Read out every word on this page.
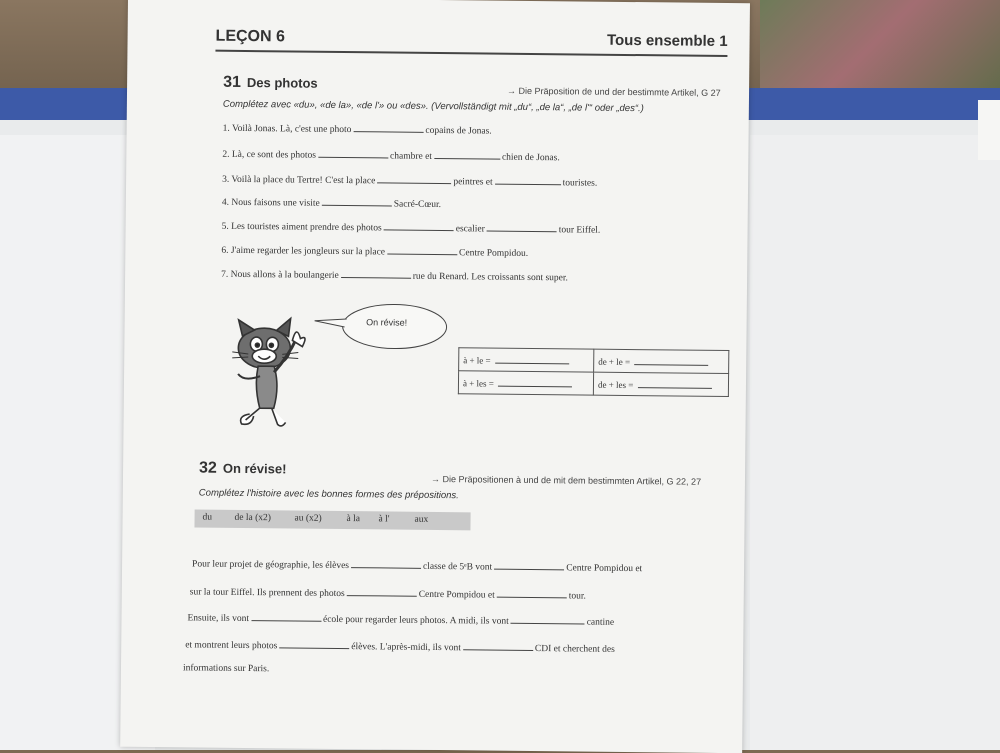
LEÇON 6	Tous ensemble 1
31 Des photos
→ Die Präposition de und der bestimmte Artikel, G 27
Complétez avec «du», «de la», «de l'» ou «des». (Vervollständigt mit „du“, „de la“, „de l'“ oder „des“.)
1. Voilà Jonas. Là, c'est une photo	copains de Jonas.
2. Là, ce sont des photos	chambre et	chien de Jonas.
3. Voilà la place du Tertre! C'est la place	peintres et	touristes.
4. Nous faisons une visite	Sacré-Cœur.
5. Les touristes aiment prendre des photos	escalier	tour Eiffel.
6. J'aime regarder les jongleurs sur la place	Centre Pompidou.
7. Nous allons à la boulangerie	rue du Renard. Les croissants sont super.
On révise!
à + le =	de + le =
à + les =	de + les =
32 On révise!
→ Die Präpositionen à und de mit dem bestimmten Artikel, G 22, 27
Complétez l'histoire avec les bonnes formes des prépositions.
du de la (x2) au (x2)	à la à l'	aux
Pour leur projet de géographie, les élèves	classe de 5ᵉB vont	Centre Pompidou et
sur la tour Eiffel. Ils prennent des photos	Centre Pompidou et	tour.
Ensuite, ils vont	école pour regarder leurs photos. A midi, ils vont	cantine
et montrent leurs photos	élèves. L'après-midi, ils vont	CDI et cherchent des
informations sur Paris.
